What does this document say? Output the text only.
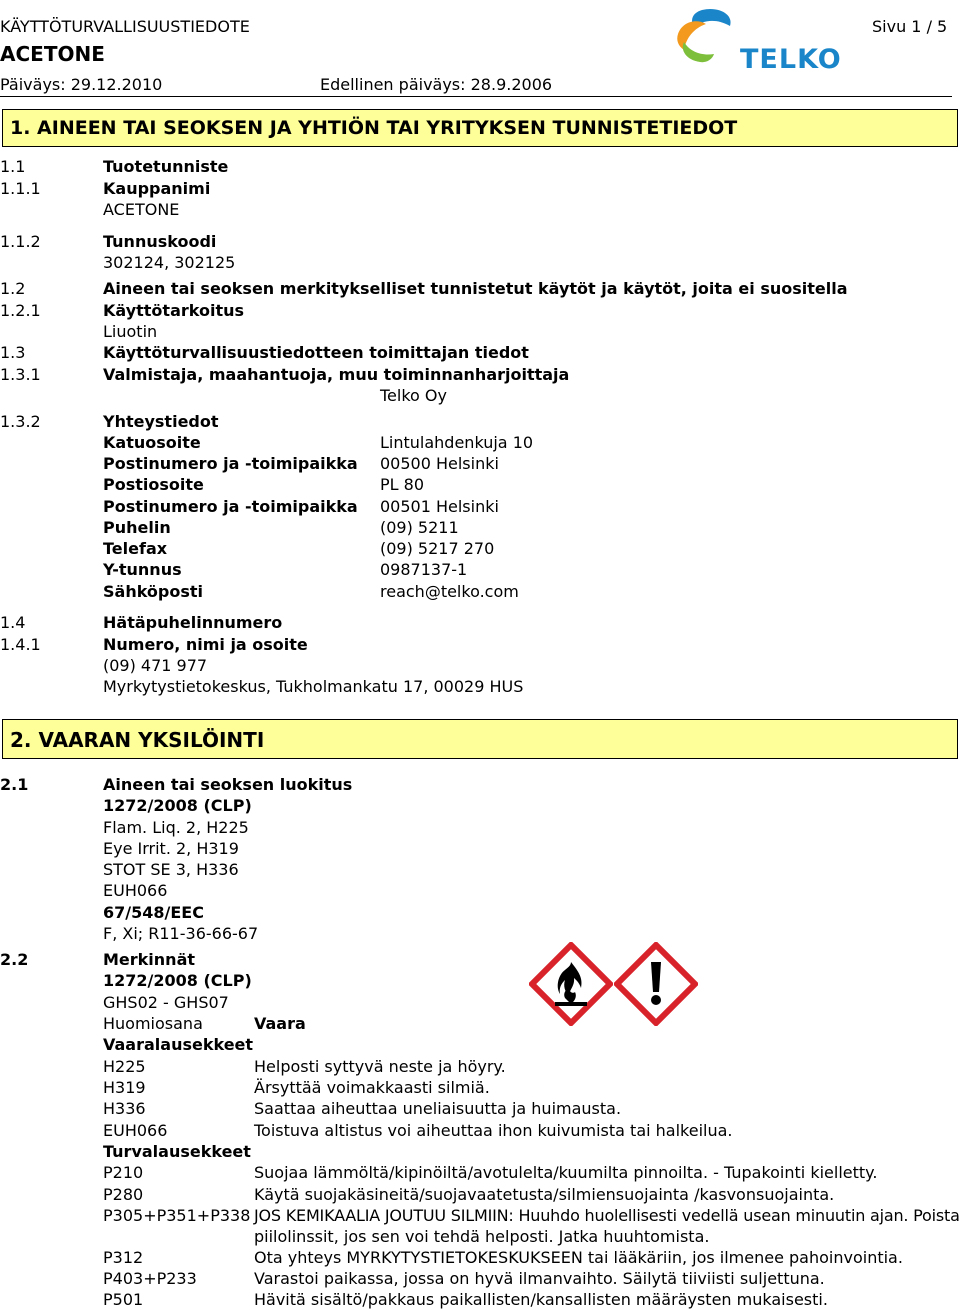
KÄYTTÖTURVALLISUUSTIEDOTE
ACETONE
Päiväys: 29.12.2010	Edellinen päiväys: 28.9.2006
Sivu 1 / 5
TELKO
1. AINEEN TAI SEOKSEN JA YHTIÖN TAI YRITYKSEN TUNNISTETIEDOT
1.1	Tuotetunniste
1.1.1	Kauppanimi
ACETONE
1.1.2	Tunnuskoodi
302124, 302125
1.2	Aineen tai seoksen merkitykselliset tunnistetut käytöt ja käytöt, joita ei suositella
1.2.1	Käyttötarkoitus
Liuotin
1.3	Käyttöturvallisuustiedotteen toimittajan tiedot
1.3.1	Valmistaja, maahantuoja, muu toiminnanharjoittaja
Telko Oy
1.3.2	Yhteystiedot
Katuosoite	Lintulahdenkuja 10
Postinumero ja -toimipaikka 00500 Helsinki
Postiosoite	PL 80
Postinumero ja -toimipaikka 00501 Helsinki
Puhelin	(09) 5211
Telefax	(09) 5217 270
Y-tunnus	0987137-1
Sähköposti	reach@telko.com
1.4	Hätäpuhelinnumero
1.4.1	Numero, nimi ja osoite
(09) 471 977
Myrkytystietokeskus, Tukholmankatu 17, 00029 HUS
2. VAARAN YKSILÖINTI
2.1	Aineen tai seoksen luokitus
1272/2008 (CLP)
Flam. Liq. 2, H225
Eye Irrit. 2, H319
STOT SE 3, H336
EUH066
67/548/EEC
F, Xi; R11-36-66-67
2.2	Merkinnät
1272/2008 (CLP)
GHS02 - GHS07
Huomiosana	Vaara
Vaaralausekkeet
H225	Helposti syttyvä neste ja höyry.
H319	Ärsyttää voimakkaasti silmiä.
H336	Saattaa aiheuttaa uneliaisuutta ja huimausta.
EUH066	Toistuva altistus voi aiheuttaa ihon kuivumista tai halkeilua.
Turvalausekkeet
P210	Suojaa lämmöltä/kipinöiltä/avotulelta/kuumilta pinnoilta. - Tupakointi kielletty.
P280	Käytä suojakäsineitä/suojavaatetusta/silmiensuojainta /kasvonsuojainta.
P305+P351+P338 JOS KEMIKAALIA JOUTUU SILMIIN: Huuhdo huolellisesti vedellä usean minuutin ajan. Poista
piilolinssit, jos sen voi tehdä helposti. Jatka huuhtomista.
P312	Ota yhteys MYRKYTYSTIETOKESKUKSEEN tai lääkäriin, jos ilmenee pahoinvointia.
P403+P233	Varastoi paikassa, jossa on hyvä ilmanvaihto. Säilytä tiiviisti suljettuna.
P501	Hävitä sisältö/pakkaus paikallisten/kansallisten määräysten mukaisesti.
